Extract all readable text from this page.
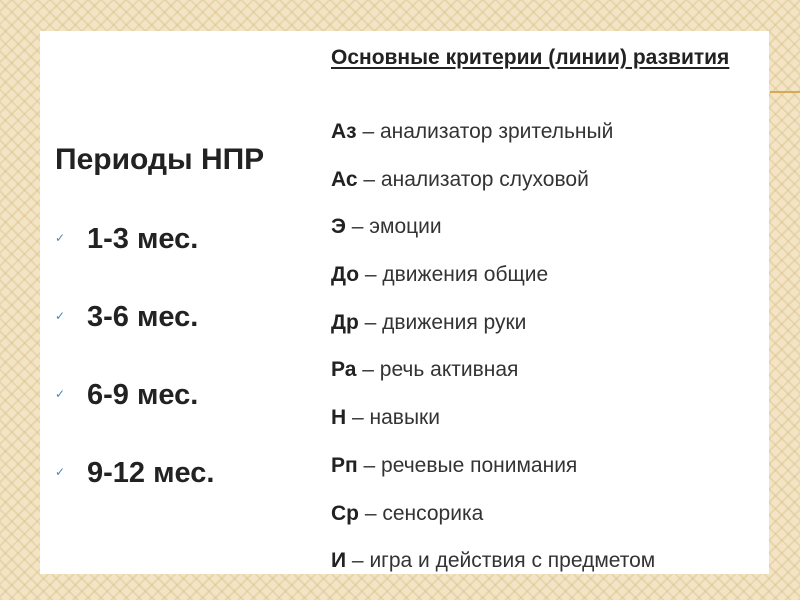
Периоды НПР
✓ 1-3 мес.
✓ 3-6 мес.
✓ 6-9 мес.
✓ 9-12 мес.
Основные критерии (линии) развития
Аз – анализатор зрительный
Ас – анализатор слуховой
Э – эмоции
До – движения общие
Др – движения руки
Ра – речь активная
Н – навыки
Рп – речевые понимания
Ср – сенсорика
И – игра и действия с предметом
